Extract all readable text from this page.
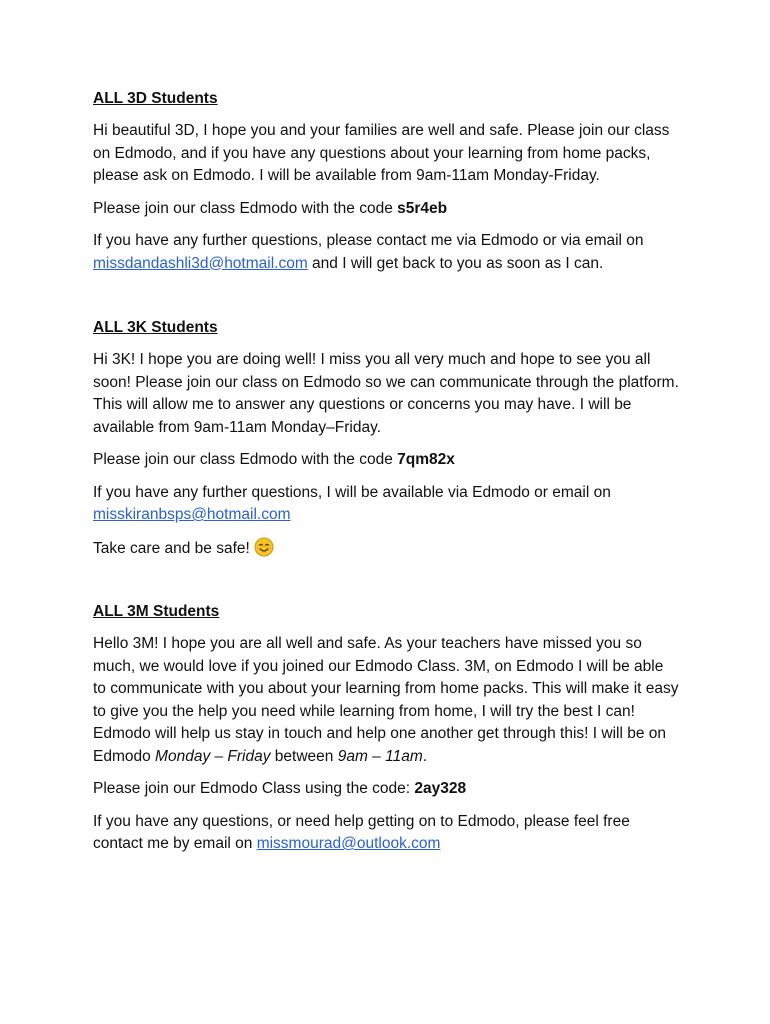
ALL 3D Students

Hi beautiful 3D, I hope you and your families are well and safe. Please join our class on Edmodo, and if you have any questions about your learning from home packs, please ask on Edmodo. I will be available from 9am-11am Monday-Friday.

Please join our class Edmodo with the code s5r4eb

If you have any further questions, please contact me via Edmodo or via email on missdandashli3d@hotmail.com and I will get back to you as soon as I can.

ALL 3K Students

Hi 3K! I hope you are doing well! I miss you all very much and hope to see you all soon! Please join our class on Edmodo so we can communicate through the platform. This will allow me to answer any questions or concerns you may have. I will be available from 9am-11am Monday–Friday.

Please join our class Edmodo with the code 7qm82x

If you have any further questions, I will be available via Edmodo or email on misskiranbsps@hotmail.com

Take care and be safe!

ALL 3M Students

Hello 3M! I hope you are all well and safe. As your teachers have missed you so much, we would love if you joined our Edmodo Class. 3M, on Edmodo I will be able to communicate with you about your learning from home packs. This will make it easy to give you the help you need while learning from home, I will try the best I can! Edmodo will help us stay in touch and help one another get through this! I will be on Edmodo Monday – Friday between 9am – 11am.

Please join our Edmodo Class using the code: 2ay328

If you have any questions, or need help getting on to Edmodo, please feel free contact me by email on missmourad@outlook.com
